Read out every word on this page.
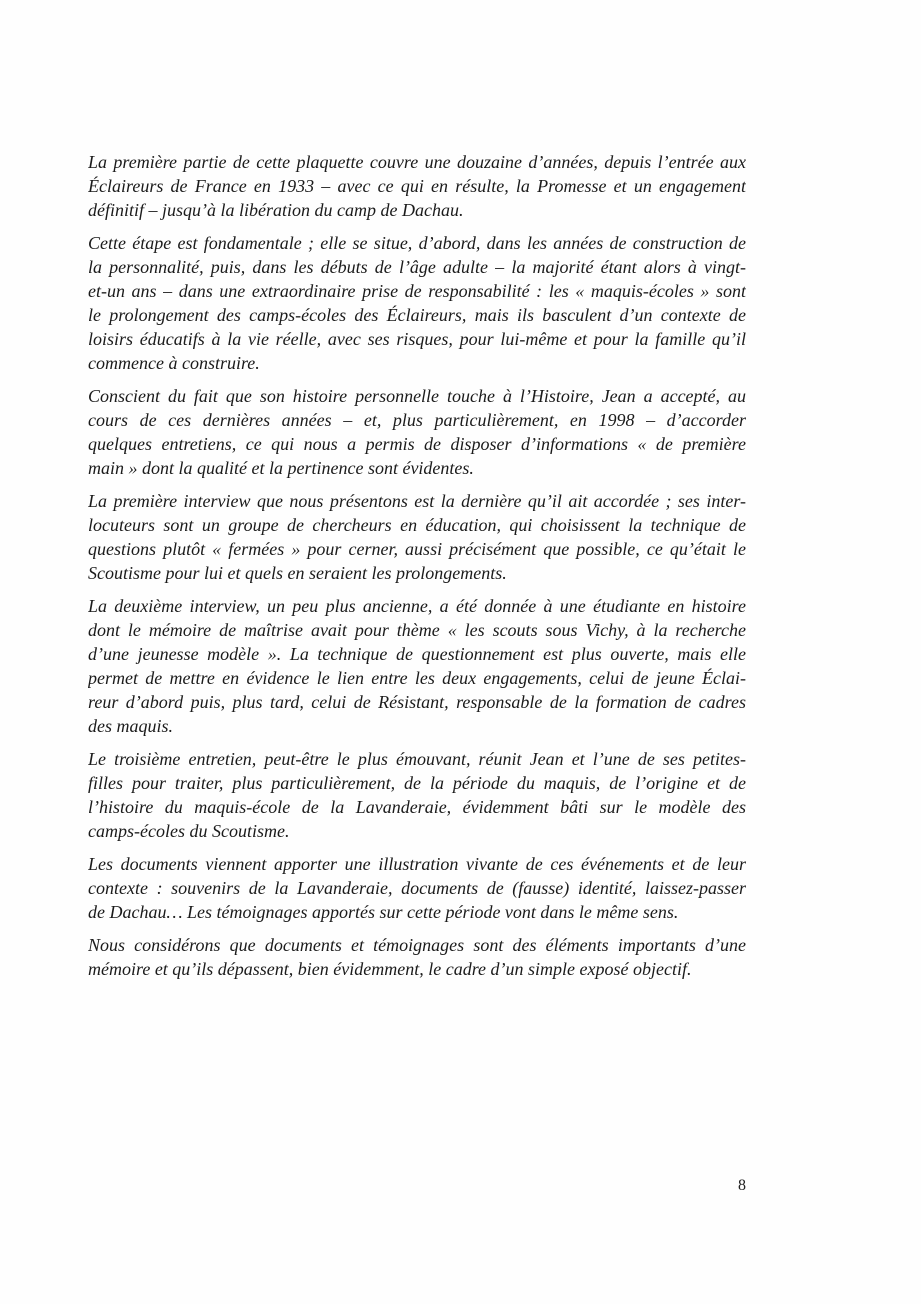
La première partie de cette plaquette couvre une douzaine d’années, depuis l’entrée aux
Éclaireurs de France en 1933 – avec ce qui en résulte, la Promesse et un engagement
définitif – jusqu’à la libération du camp de Dachau.

Cette étape est fondamentale ; elle se situe, d’abord, dans les années de construction de
la personnalité, puis, dans les débuts de l’âge adulte – la majorité étant alors à vingt-
et-un ans – dans une extraordinaire prise de responsabilité : les « maquis-écoles » sont
le prolongement des camps-écoles des Éclaireurs, mais ils basculent d’un contexte de
loisirs éducatifs à la vie réelle, avec ses risques, pour lui-même et pour la famille qu’il
commence à construire.

Conscient du fait que son histoire personnelle touche à l’Histoire, Jean a accepté, au
cours de ces dernières années – et, plus particulièrement, en 1998 – d’accorder
quelques entretiens, ce qui nous a permis de disposer d’informations « de première
main » dont la qualité et la pertinence sont évidentes.

La première interview que nous présentons est la dernière qu’il ait accordée ; ses inter-
locuteurs sont un groupe de chercheurs en éducation, qui choisissent la technique de
questions plutôt « fermées » pour cerner, aussi précisément que possible, ce qu’était le
Scoutisme pour lui et quels en seraient les prolongements.

La deuxième interview, un peu plus ancienne, a été donnée à une étudiante en histoire
dont le mémoire de maîtrise avait pour thème « les scouts sous Vichy, à la recherche
d’une jeunesse modèle ». La technique de questionnement est plus ouverte, mais elle
permet de mettre en évidence le lien entre les deux engagements, celui de jeune Éclai-
reur d’abord puis, plus tard, celui de Résistant, responsable de la formation de cadres
des maquis.

Le troisième entretien, peut-être le plus émouvant, réunit Jean et l’une de ses petites-
filles pour traiter, plus particulièrement, de la période du maquis, de l’origine et de
l’histoire du maquis-école de la Lavanderaie, évidemment bâti sur le modèle des
camps-écoles du Scoutisme.

Les documents viennent apporter une illustration vivante de ces événements et de leur
contexte : souvenirs de la Lavanderaie, documents de (fausse) identité, laissez-passer
de Dachau… Les témoignages apportés sur cette période vont dans le même sens.

Nous considérons que documents et témoignages sont des éléments importants d’une
mémoire et qu’ils dépassent, bien évidemment, le cadre d’un simple exposé objectif.

8
